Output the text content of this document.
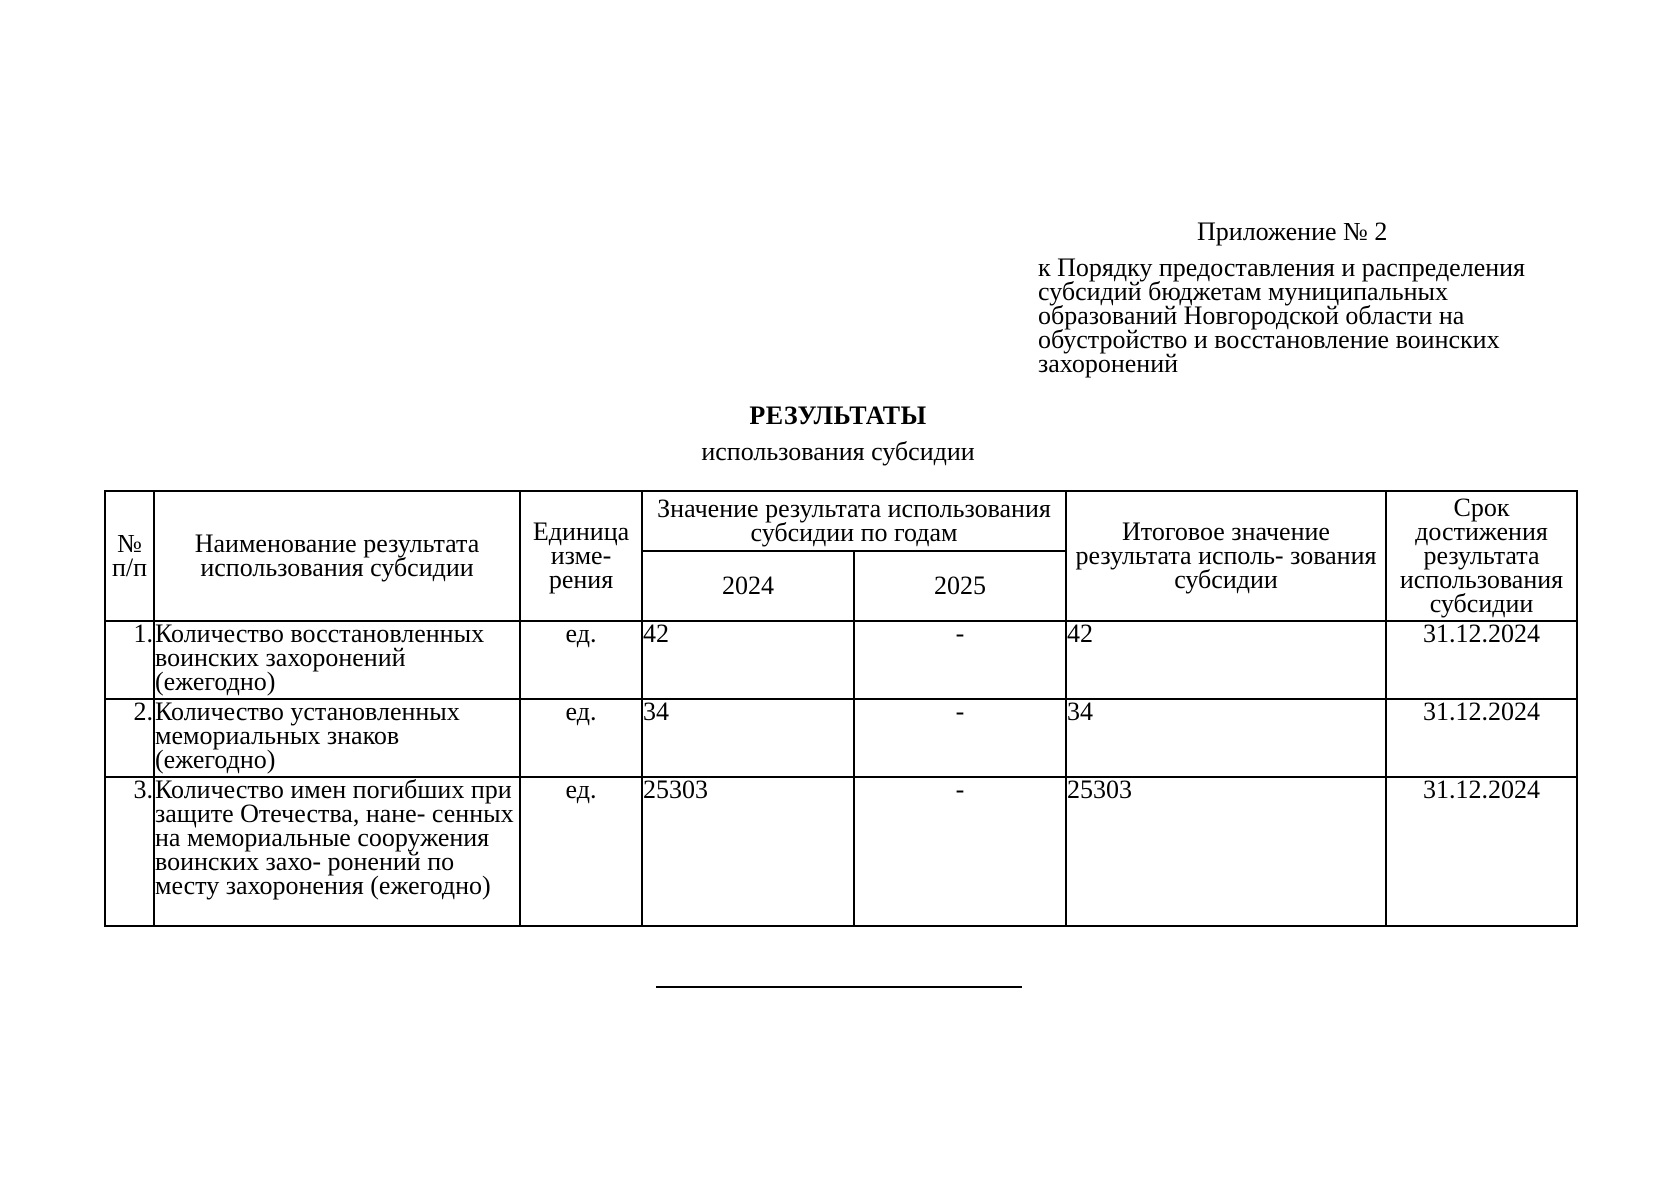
Приложение № 2
к Порядку предоставления и распределения
субсидий бюджетам муниципальных
образований Новгородской области на
обустройство и восстановление воинских
захоронений
РЕЗУЛЬТАТЫ
использования субсидии
№ п/п	Наименование результата использования субсидии	Единица изме- рения	Значение результата использования субсидии по годам		Итоговое значение результата исполь- зования субсидии	Срок достижения результата использования субсидии
			2024	2025		
1.	Количество восстановленных воинских захоронений (ежегодно)	ед.	42	-	42	31.12.2024
2.	Количество установленных мемориальных знаков (ежегодно)	ед.	34	-	34	31.12.2024
3.	Количество имен погибших при защите Отечества, нане- сенных на мемориальные сооружения воинских захо- ронений по месту захоронения (ежегодно)	ед.	25303	-	25303	31.12.2024
